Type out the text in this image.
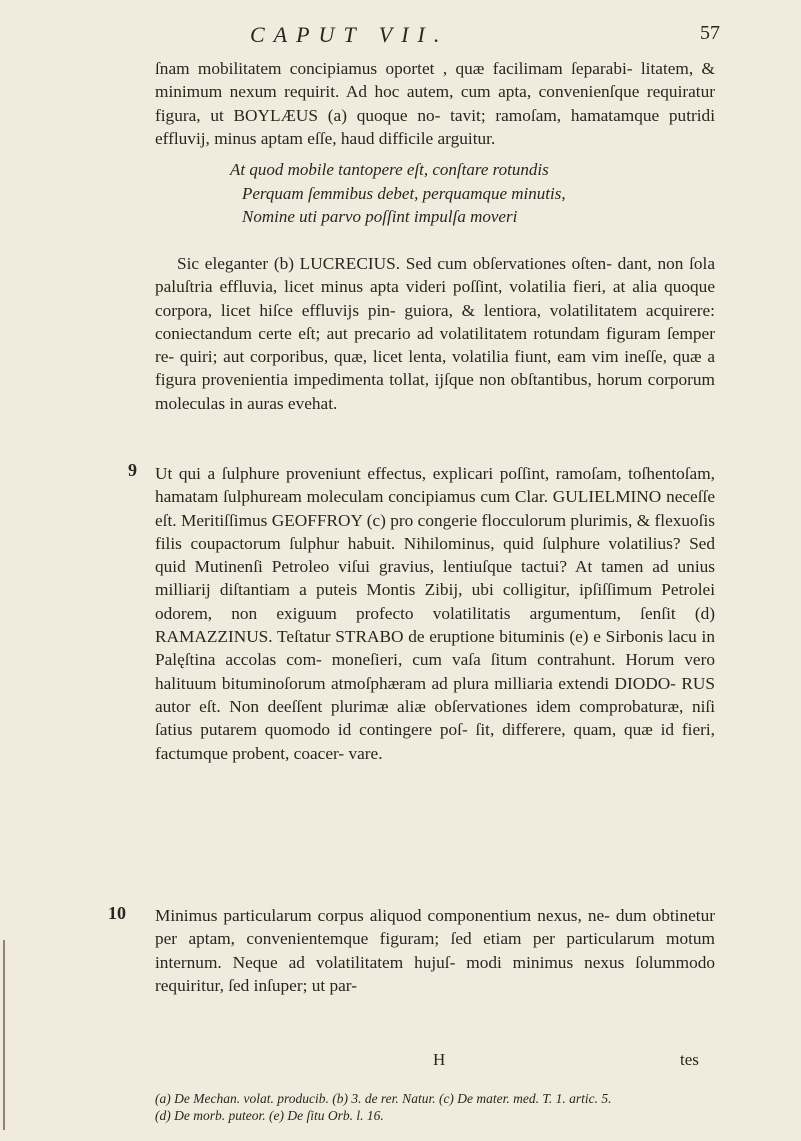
CAPUT VII.	57

ſnam mobilitatem concipiamus oportet , quæ facilimam ſeparabi- litatem, & minimum nexum requirit. Ad hoc autem, cum apta, convenienſque requiratur figura, ut BOYLÆUS (a) quoque no- tavit; ramoſam, hamatamque putridi effluvij, minus aptam eſſe, haud difficile arguitur.

At quod mobile tantopere eſt, conſtare rotundis
Perquam ſemmibus debet, perquamque minutis,
Nomine uti parvo poſſint impulſa moveri

Sic eleganter (b) LUCRECIUS. Sed cum obſervationes oſten- dant, non ſola paluſtria effluvia, licet minus apta videri poſſint, volatilia fieri, at alia quoque corpora, licet hiſce effluvijs pin- guiora, & lentiora, volatilitatem acquirere: coniectandum certe eſt; aut precario ad volatilitatem rotundam figuram ſemper re- quiri; aut corporibus, quæ, licet lenta, volatilia fiunt, eam vim ineſſe, quæ a figura provenientia impedimenta tollat, ijſque non obſtantibus, horum corporum moleculas in auras evehat.

9 Ut qui a ſulphure proveniunt effectus, explicari poſſint, ramoſam, toſhentoſam, hamatam ſulphuream moleculam concipiamus cum Clar. GULIELMINO neceſſe eſt. Meritiſſimus GEOFFROY (c) pro congerie flocculorum plurimis, & flexuoſis filis coupactorum ſulphur habuit. Nihilominus, quid ſulphure volatilius? Sed quid Mutinenſi Petroleo viſui gravius, lentiuſque tactui? At tamen ad unius milliarij diſtantiam a puteis Montis Zibij, ubi colligitur, ipſiſſimum Petrolei odorem, non exiguum profecto volatilitatis argumentum, ſenſit (d) RAMAZZINUS. Teſtatur STRABO de eruptione bituminis (e) e Sirbonis lacu in Palęſtina accolas com- moneſieri, cum vaſa ſitum contrahunt. Horum vero halituum bituminoſorum atmoſphæram ad plura milliaria extendi DIODO- RUS autor eſt. Non deeſſent plurimæ aliæ obſervationes idem comprobaturæ, niſi ſatius putarem quomodo id contingere poſ- ſit, differere, quam, quæ id fieri, factumque probent, coacer- vare.

10 Minimus particularum corpus aliquod componentium nexus, ne- dum obtinetur per aptam, convenientemque figuram; ſed etiam per particularum motum internum. Neque ad volatilitatem hujuſ- modi minimus nexus ſolummodo requiritur, ſed inſuper; ut par-

H	tes
(a) De Mechan. volat. producib. (b) 3. de rer. Natur. (c) De mater. med. T. 1. artic. 5.
(d) De morb. puteor. (e) De ſitu Orb. l. 16.
